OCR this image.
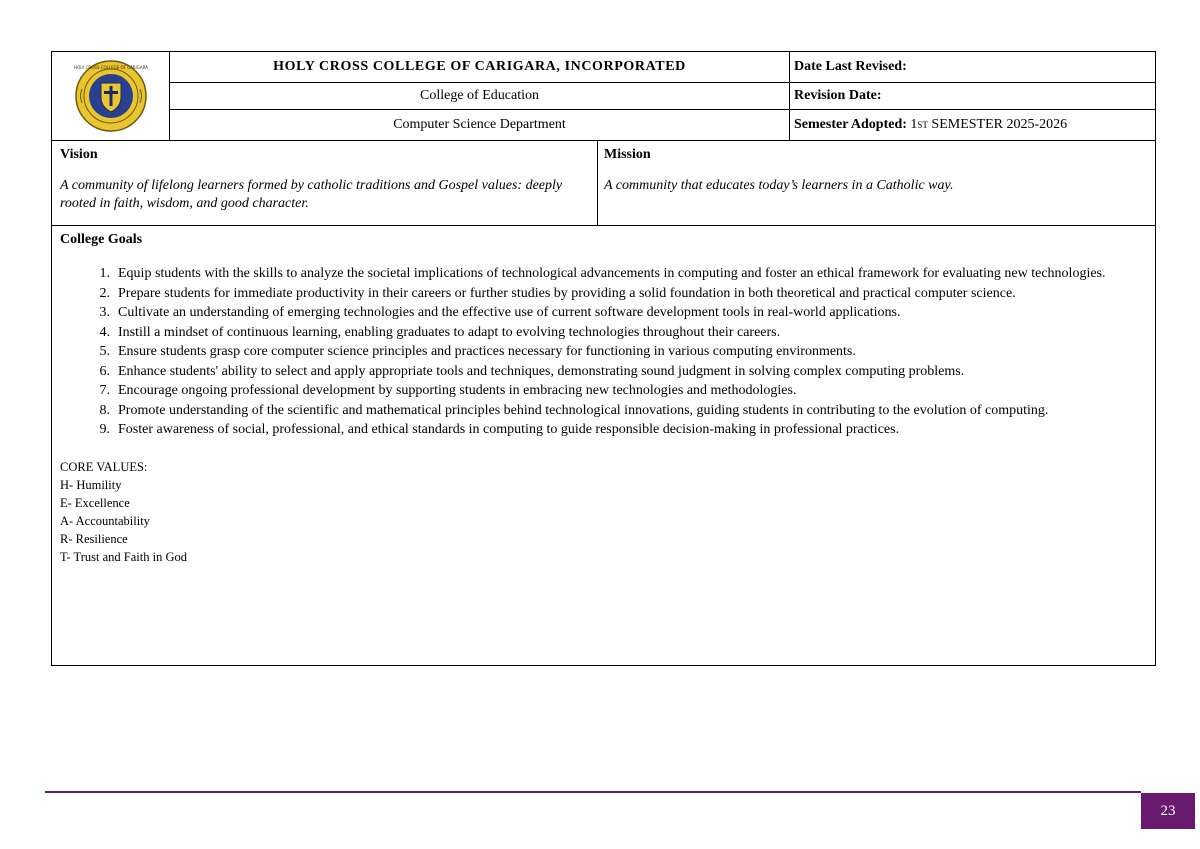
HOLY CROSS COLLEGE OF CARIGARA	HOLY CROSS COLLEGE OF CARIGARA, INCORPORATED
College of Education
Computer Science Department
Date Last Revised:
Revision Date:
Semester Adopted:
1 ST
SEMESTER 2025-2026
Vision

A community of lifelong learners formed by catholic traditions and Gospel values: deeply rooted in faith, wisdom, and good character.

Mission

A community that educates today’s learners in a Catholic way.

College Goals
1. Equip students with the skills to analyze the societal implications of technological advancements in computing and foster an ethical framework for evaluating new technologies.
2. Prepare students for immediate productivity in their careers or further studies by providing a solid foundation in both theoretical and practical computer science.
3. Cultivate an understanding of emerging technologies and the effective use of current software development tools in real-world applications.
4. Instill a mindset of continuous learning, enabling graduates to adapt to evolving technologies throughout their careers.
5. Ensure students grasp core computer science principles and practices necessary for functioning in various computing environments.
6. Enhance students' ability to select and apply appropriate tools and techniques, demonstrating sound judgment in solving complex computing problems.
7. Encourage ongoing professional development by supporting students in embracing new technologies and methodologies.
8. Promote understanding of the scientific and mathematical principles behind technological innovations, guiding students in contributing to the evolution of computing.
9. Foster awareness of social, professional, and ethical standards in computing to guide responsible decision-making in professional practices.
CORE VALUES:
H- Humility
E- Excellence
A- Accountability
R- Resilience
T- Trust and Faith in God
23
